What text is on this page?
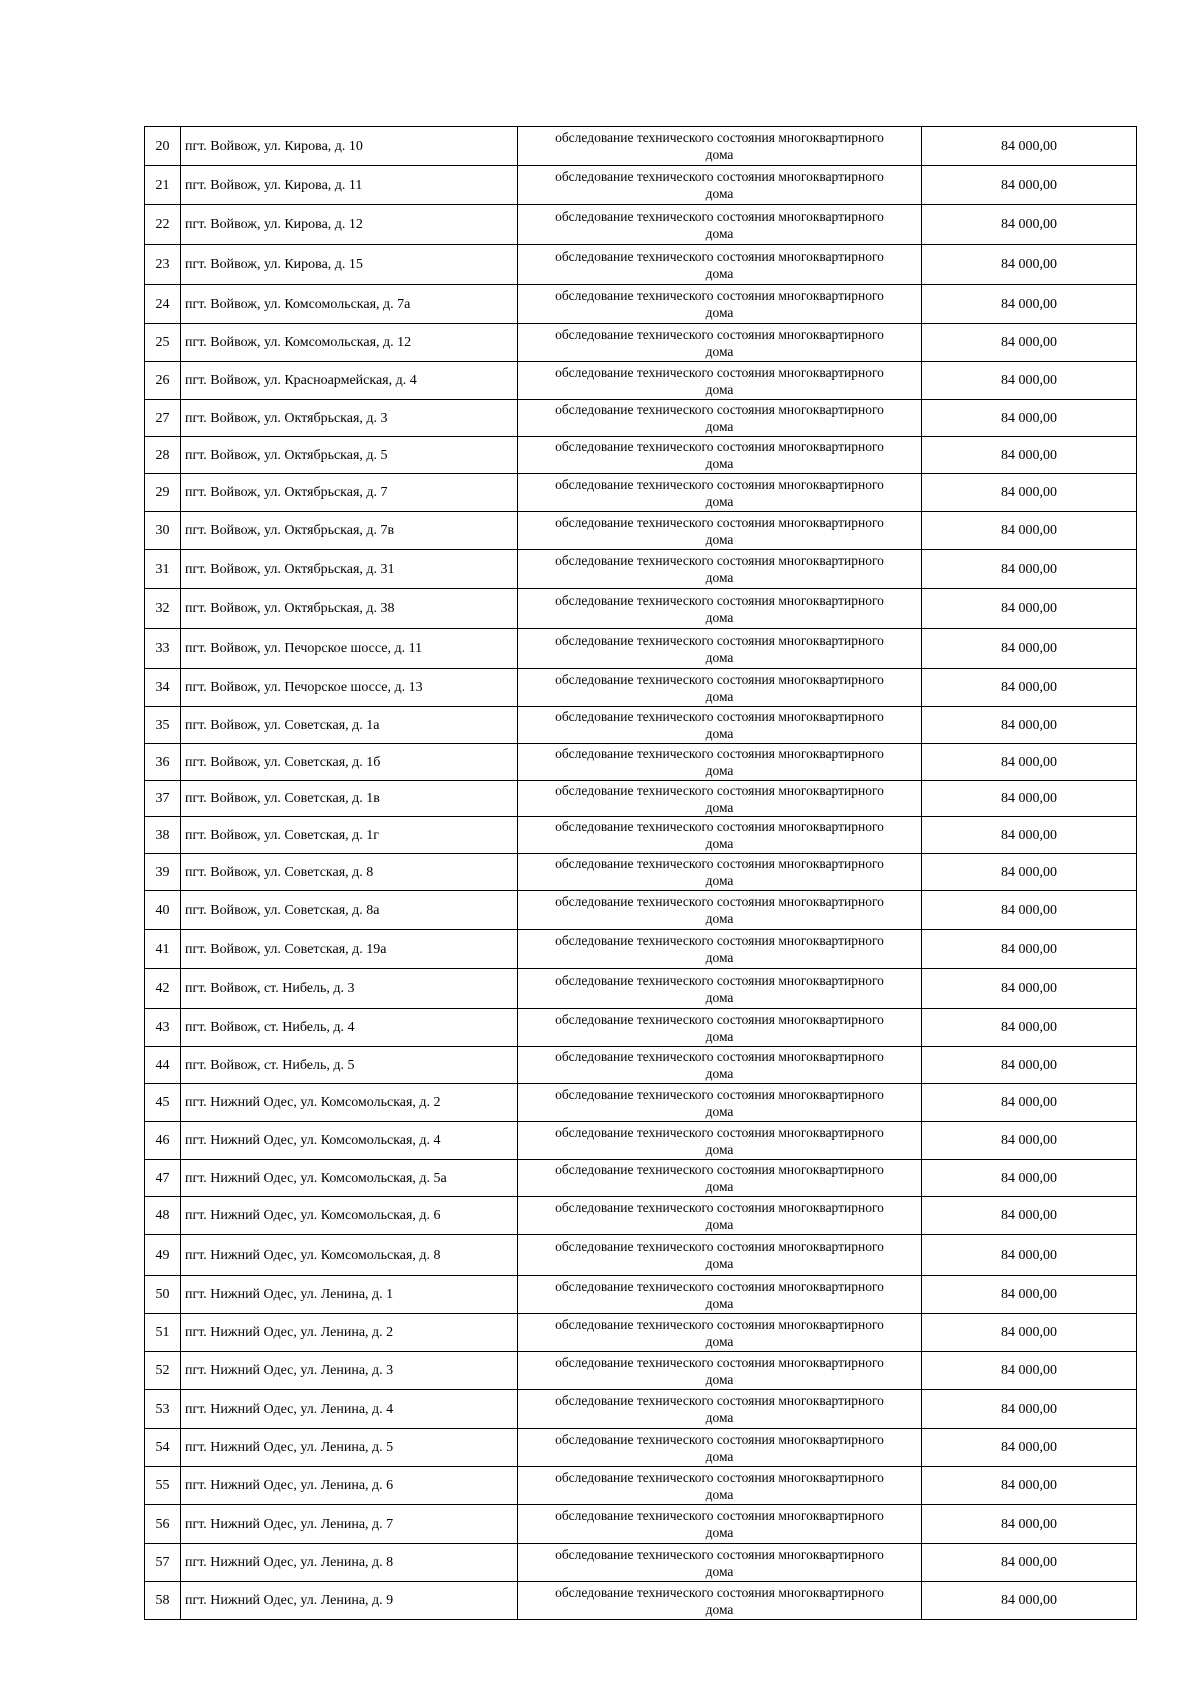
20	пгт. Войвож, ул. Кирова, д. 10	обследование технического состояния многоквартирного
дома	84 000,00
21	пгт. Войвож, ул. Кирова, д. 11	обследование технического состояния многоквартирного
дома	84 000,00
22	пгт. Войвож, ул. Кирова, д. 12	обследование технического состояния многоквартирного
дома	84 000,00
23	пгт. Войвож, ул. Кирова, д. 15	обследование технического состояния многоквартирного
дома	84 000,00
24	пгт. Войвож, ул. Комсомольская, д. 7а	обследование технического состояния многоквартирного
дома	84 000,00
25	пгт. Войвож, ул. Комсомольская, д. 12	обследование технического состояния многоквартирного
дома	84 000,00
26	пгт. Войвож, ул. Красноармейская, д. 4	обследование технического состояния многоквартирного
дома	84 000,00
27	пгт. Войвож, ул. Октябрьская, д. 3	обследование технического состояния многоквартирного
дома	84 000,00
28	пгт. Войвож, ул. Октябрьская, д. 5	обследование технического состояния многоквартирного
дома	84 000,00
29	пгт. Войвож, ул. Октябрьская, д. 7	обследование технического состояния многоквартирного
дома	84 000,00
30	пгт. Войвож, ул. Октябрьская, д. 7в	обследование технического состояния многоквартирного
дома	84 000,00
31	пгт. Войвож, ул. Октябрьская, д. 31	обследование технического состояния многоквартирного
дома	84 000,00
32	пгт. Войвож, ул. Октябрьская, д. 38	обследование технического состояния многоквартирного
дома	84 000,00
33	пгт. Войвож, ул. Печорское шоссе, д. 11	обследование технического состояния многоквартирного
дома	84 000,00
34	пгт. Войвож, ул. Печорское шоссе, д. 13	обследование технического состояния многоквартирного
дома	84 000,00
35	пгт. Войвож, ул. Советская, д. 1а	обследование технического состояния многоквартирного
дома	84 000,00
36	пгт. Войвож, ул. Советская, д. 1б	обследование технического состояния многоквартирного
дома	84 000,00
37	пгт. Войвож, ул. Советская, д. 1в	обследование технического состояния многоквартирного
дома	84 000,00
38	пгт. Войвож, ул. Советская, д. 1г	обследование технического состояния многоквартирного
дома	84 000,00
39	пгт. Войвож, ул. Советская, д. 8	обследование технического состояния многоквартирного
дома	84 000,00
40	пгт. Войвож, ул. Советская, д. 8а	обследование технического состояния многоквартирного
дома	84 000,00
41	пгт. Войвож, ул. Советская, д. 19а	обследование технического состояния многоквартирного
дома	84 000,00
42	пгт. Войвож, ст. Нибель, д. 3	обследование технического состояния многоквартирного
дома	84 000,00
43	пгт. Войвож, ст. Нибель, д. 4	обследование технического состояния многоквартирного
дома	84 000,00
44	пгт. Войвож, ст. Нибель, д. 5	обследование технического состояния многоквартирного
дома	84 000,00
45	пгт. Нижний Одес, ул. Комсомольская, д. 2	обследование технического состояния многоквартирного
дома	84 000,00
46	пгт. Нижний Одес, ул. Комсомольская, д. 4	обследование технического состояния многоквартирного
дома	84 000,00
47	пгт. Нижний Одес, ул. Комсомольская, д. 5а	обследование технического состояния многоквартирного
дома	84 000,00
48	пгт. Нижний Одес, ул. Комсомольская, д. 6	обследование технического состояния многоквартирного
дома	84 000,00
49	пгт. Нижний Одес, ул. Комсомольская, д. 8	обследование технического состояния многоквартирного
дома	84 000,00
50	пгт. Нижний Одес, ул. Ленина, д. 1	обследование технического состояния многоквартирного
дома	84 000,00
51	пгт. Нижний Одес, ул. Ленина, д. 2	обследование технического состояния многоквартирного
дома	84 000,00
52	пгт. Нижний Одес, ул. Ленина, д. 3	обследование технического состояния многоквартирного
дома	84 000,00
53	пгт. Нижний Одес, ул. Ленина, д. 4	обследование технического состояния многоквартирного
дома	84 000,00
54	пгт. Нижний Одес, ул. Ленина, д. 5	обследование технического состояния многоквартирного
дома	84 000,00
55	пгт. Нижний Одес, ул. Ленина, д. 6	обследование технического состояния многоквартирного
дома	84 000,00
56	пгт. Нижний Одес, ул. Ленина, д. 7	обследование технического состояния многоквартирного
дома	84 000,00
57	пгт. Нижний Одес, ул. Ленина, д. 8	обследование технического состояния многоквартирного
дома	84 000,00
58	пгт. Нижний Одес, ул. Ленина, д. 9	обследование технического состояния многоквартирного
дома	84 000,00
